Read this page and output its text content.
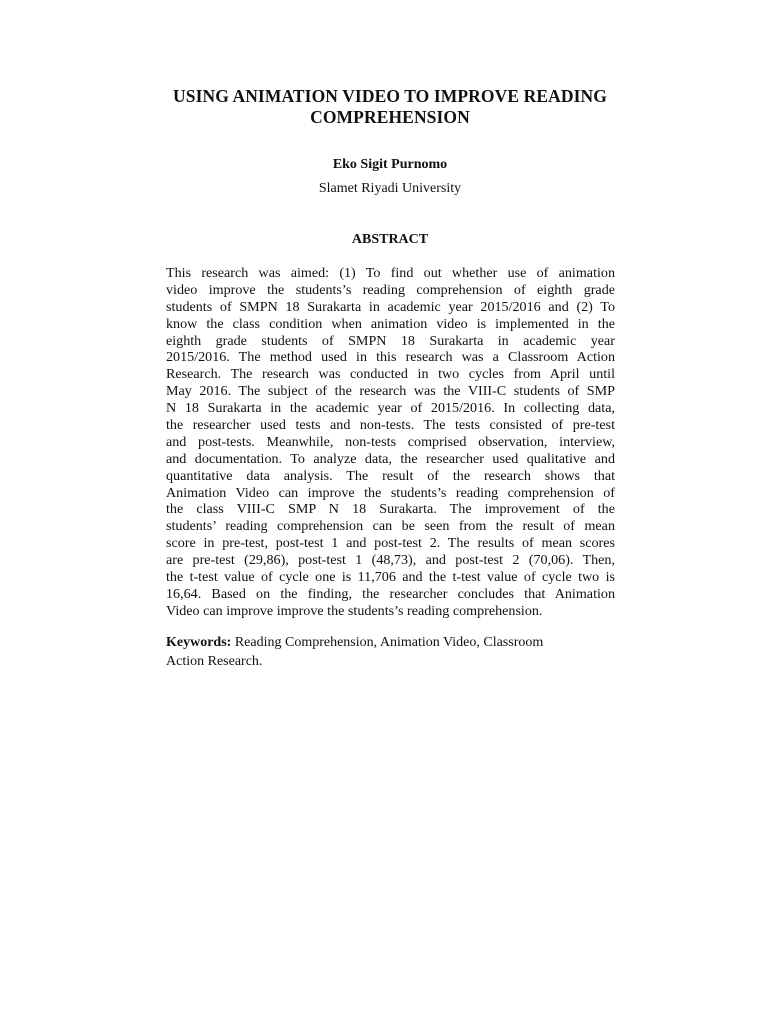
USING ANIMATION VIDEO TO IMPROVE READING
COMPREHENSION
Eko Sigit Purnomo
Slamet Riyadi University
ABSTRACT
This research was aimed: (1) To find out whether use of animation
video improve the students’s reading comprehension of eighth grade
students of SMPN 18 Surakarta in academic year 2015/2016 and (2) To
know the class condition when animation video is implemented in the
eighth grade students of SMPN 18 Surakarta in academic year
2015/2016. The method used in this research was a Classroom Action
Research. The research was conducted in two cycles from April until
May 2016. The subject of the research was the VIII-C students of SMP
N 18 Surakarta in the academic year of 2015/2016. In collecting data,
the researcher used tests and non-tests. The tests consisted of pre-test
and post-tests. Meanwhile, non-tests comprised observation, interview,
and documentation. To analyze data, the researcher used qualitative and
quantitative data analysis. The result of the research shows that
Animation Video can improve the students’s reading comprehension of
the class VIII-C SMP N 18 Surakarta. The improvement of the
students’ reading comprehension can be seen from the result of mean
score in pre-test, post-test 1 and post-test 2. The results of mean scores
are pre-test (29,86), post-test 1 (48,73), and post-test 2 (70,06). Then,
the t-test value of cycle one is 11,706 and the t-test value of cycle two is
16,64. Based on the finding, the researcher concludes that Animation
Video can improve improve the students’s reading comprehension.
Keywords: Reading Comprehension, Animation Video, Classroom
Action Research.
